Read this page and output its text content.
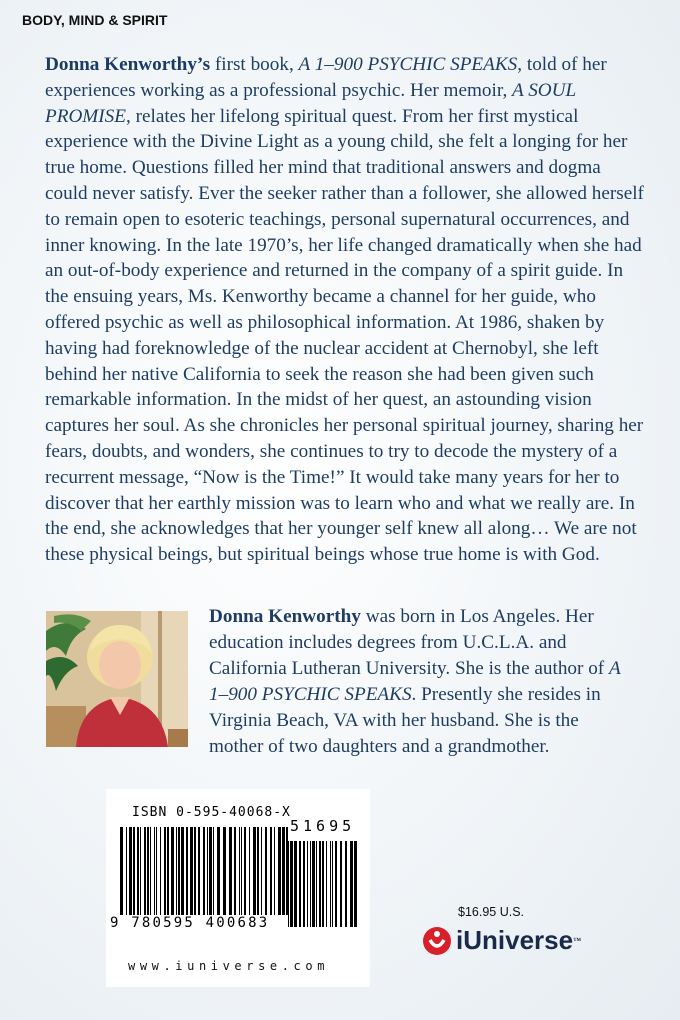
BODY, MIND & SPIRIT
Donna Kenworthy’s first book, A 1–900 PSYCHIC SPEAKS, told of her experiences working as a professional psychic. Her memoir, A SOUL PROMISE, relates her lifelong spiritual quest. From her first mystical experience with the Divine Light as a young child, she felt a longing for her true home. Questions filled her mind that traditional answers and dogma could never satisfy. Ever the seeker rather than a follower, she allowed herself to remain open to esoteric teachings, personal supernatural occurrences, and inner knowing. In the late 1970’s, her life changed dramatically when she had an out-of-body experience and returned in the company of a spirit guide. In the ensuing years, Ms. Kenworthy became a channel for her guide, who offered psychic as well as philosophical information. At 1986, shaken by having had foreknowledge of the nuclear accident at Chernobyl, she left behind her native California to seek the reason she had been given such remarkable information. In the midst of her quest, an astounding vision captures her soul. As she chronicles her personal spiritual journey, sharing her fears, doubts, and wonders, she continues to try to decode the mystery of a recurrent message, “Now is the Time!” It would take many years for her to discover that her earthly mission was to learn who and what we really are. In the end, she acknowledges that her younger self knew all along… We are not these physical beings, but spiritual beings whose true home is with God.
Donna Kenworthy was born in Los Angeles. Her education includes degrees from U.C.L.A. and California Lutheran University. She is the author of A 1–900 PSYCHIC SPEAKS. Presently she resides in Virginia Beach, VA with her husband. She is the mother of two daughters and a grandmother.
ISBN 0-595-40068-X
51695
9 780595 400683
www.iuniverse.com
$16.95 U.S.
iUniverse ™
